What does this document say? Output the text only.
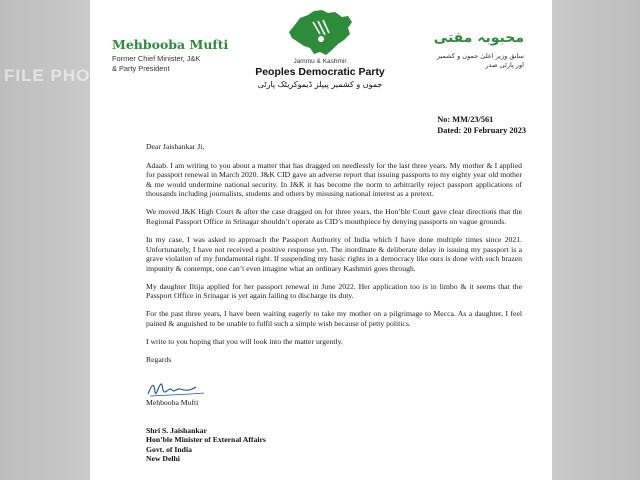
FILE PHO
Mehbooba Mufti
Former Chief Minister, J&K
& Party President
Jammu & Kashmir
Peoples Democratic Party
جموں و کشمیر پیپلز ڈیموکریٹک پارٹی
محبوبہ مفتی
سابق وزیر اعلیٰ جموں و کشمیر
اور پارٹی صدر
No: MM/23/561
Dated: 20 February 2023

Dear Jaishankar Ji,

Adaab. I am writing to you about a matter that has dragged on needlessly for the last three years. My mother & I applied for passport renewal in March 2020. J&K CID gave an adverse report that issuing passports to my eighty year old mother & me would undermine national security. In J&K it has become the norm to arbitrarily reject passport applications of thousands including journalists, students and others by misusing national interest as a pretext.

We moved J&K High Court & after the case dragged on for three years, the Hon’ble Court gave clear directions that the Regional Passport Office in Srinagar shouldn’t operate as CID’s mouthpiece by denying passports on vague grounds.

In my case, I was asked to approach the Passport Authority of India which I have done multiple times since 2021. Unfortunately, I have not received a positive response yet. The inordinate & deliberate delay in issuing my passport is a grave violation of my fundamental right. If suspending my basic rights in a democracy like ours is done with such brazen impunity & contempt, one can’t even imagine what an ordinary Kashmiri goes through.

My daughter Iltija applied for her passport renewal in June 2022. Her application too is in limbo & it seems that the Passport Office in Srinagar is yet again failing to discharge its duty.

For the past three years, I have been waiting eagerly to take my mother on a pilgrimage to Mecca. As a daughter, I feel pained & anguished to be unable to fulfil such a simple wish because of petty politics.

I write to you hoping that you will look into the matter urgently.

Regards

Mehbooba Mufti
Shri S. Jaishankar
Hon’ble Minister of External Affairs
Govt. of India
New Delhi
